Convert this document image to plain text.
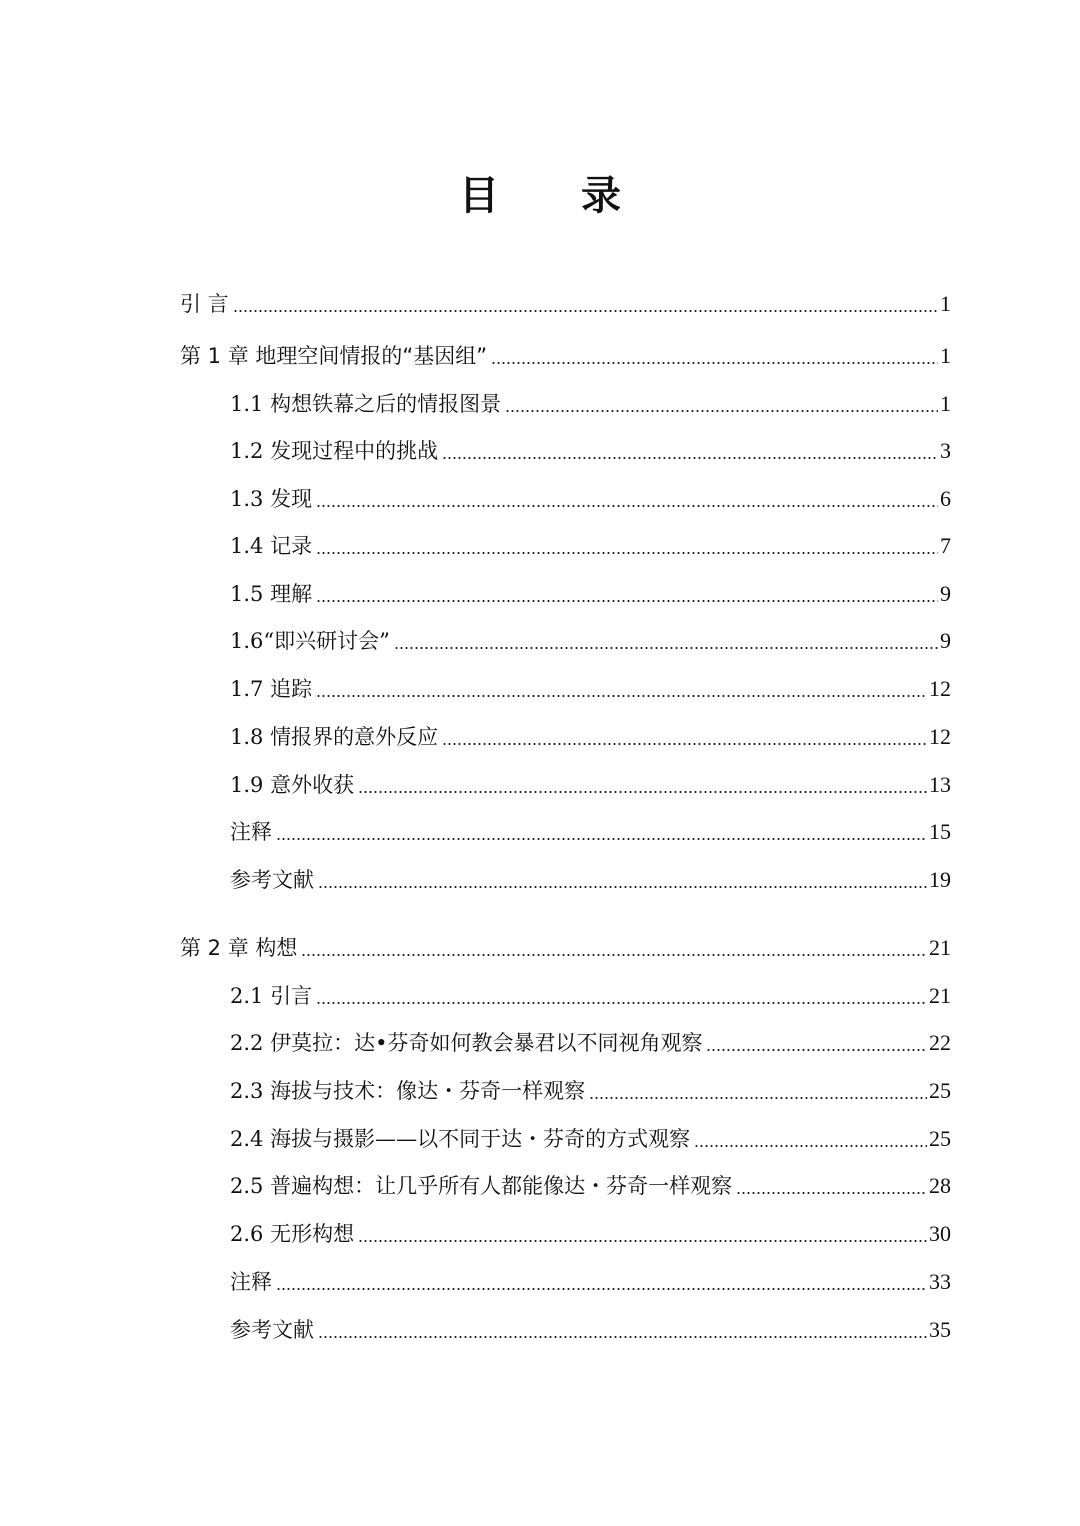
目 录
引 言	1
第 1 章 地理空间情报的“基因组”	1
1.1 构想铁幕之后的情报图景	1
1.2 发现过程中的挑战	3
1.3 发现	6
1.4 记录	7
1.5 理解	9
1.6“即兴研讨会”	9
1.7 追踪	12
1.8 情报界的意外反应	12
1.9 意外收获	13
注释	15
参考文献	19
第 2 章 构想	21
2.1 引言	21
2.2 伊莫拉：达•芬奇如何教会暴君以不同视角观察	22
2.3 海拔与技术：像达・芬奇一样观察	25
2.4 海拔与摄影——以不同于达・芬奇的方式观察	25
2.5 普遍构想：让几乎所有人都能像达・芬奇一样观察	28
2.6 无形构想	30
注释	33
参考文献	35
